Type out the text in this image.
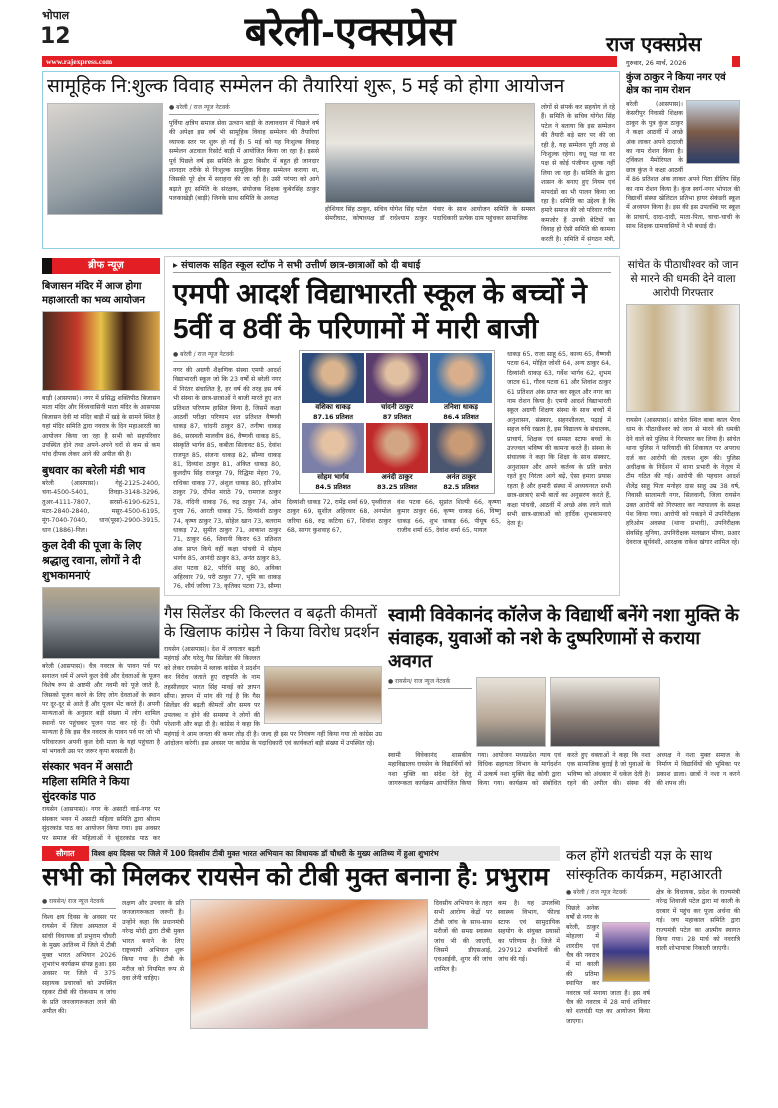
भोपाल
12	बरेली-एक्सप्रेस	राज एक्सप्रेस
www.rajexpress.com	गुरुवार, 26 मार्च, 2026
सामूहिक नि:शुल्क विवाह सम्मेलन की तैयारियां शुरू, 5 मई को होगा आयोजन
● बरेली / राज न्यूज नेटवर्क
पुर्विया क्षत्रिय समाज सेवा उत्थान बाड़ी के तत्वावधान में पिछले वर्ष की अपेक्षा इस वर्ष भी सामूहिक विवाह सम्मेलन की तैयारियां व्यापक स्तर पर शुरू हो गई हैं। 5 मई को यह निःशुल्क विवाह सम्मेलन अटवाल रिसोर्ट बाड़ी में आयोजित किया जा रहा है। इससे पूर्व पिछले वर्ष इस समिति के द्वारा बिसौर में बहुत ही जानदार शानदार तरीके से निःशुल्क सामूहिक विवाह सम्मेलन कराया था, जिसकी पूरे क्षेत्र में सराहना की जा रही है। उसी परंपरा को आगे बढ़ाते हुए समिति के संरक्षक, संयोजक शिक्षक कुबेरसिंह ठाकुर पलकाखेड़ी (बाड़ी) जिनके साथ समिति के अध्यक्ष
होशियार सिंह ठाकुर, सचिव योगेश सिंह पटेल सेमरीघाट, कोषाध्यक्ष डॉ राधेश्याम ठाकुर पंवार के साथ आयोजन समिति के समस्त पदाधिकारी प्रत्येक ग्राम पहुंचकर सामाजिक
लोगों से संपर्क कर सहयोग ले रहे हैं। समिति के सचिव योगेश सिंह पटेल ने बताया कि इस सम्मेलन की तैयारी बड़े स्तर पर की जा रही है, यह सम्मेलन पूरी तरह से निःशुल्क रहेगा। वधू पक्ष या वर पक्ष से कोई पंजीयन शुल्क नहीं लिया जा रहा है। समिति के द्वारा शासन के बनाए हुए नियम एवं मापदंडों का भी पालन किया जा रहा है। समिति का उद्देश्य है कि हमारे समाज की जो परिवार गरीब कमजोर हैं उनकी बेटियों का विवाह हो ऐसी समिति की कामना करती है। समिति में संगठन मंत्री,
कुंज ठाकुर ने किया नगर एवं क्षेत्र का नाम रोशन
बरेली (आसपास)। केसरीपुर निवासी शिक्षक ठाकुर के पुत्र कुंज ठाकुर ने कक्षा आठवीं में अच्छे अंक लाकर अपने दादाजी का नाम रोशन किया है। ट्विंकल मैमोरियल के छात्र कुंज ने कक्षा आठवीं में 86 प्रतिशत अंक लाकर अपने पिता डीलिप सिंह का नाम रोशन किया है। कुंज स्वर्ग-नगर भोपाल की विद्यार्थी संस्था खेलिटल प्रतिभा हायर सेकंडरी स्कूल में अध्ययन किया है। इस की इस उपलब्धि पर स्कूल के प्राचार्य, दादा-दादी, माता-पिता, चाचा-चाची के साथ शिक्षक ग्रामवासियों ने भी बधाई दी।
ब्रीफ न्यूज़
बिजासन मंदिर में आज होगा महाआरती का भव्य आयोजन
बाड़ी (आसपास)। नगर में प्रसिद्ध शक्तिपीठ बिजासन माता मंदिर और विंध्यवासिनी माता मंदिर के आसपास बिजासन देवी मां मंदिर बाड़ी में खड़े के सामने स्थित है यहां मंदिर समिति द्वारा नवरात्र के दिन महाआरती का आयोजन किया जा रहा है सभी को सहपरिवार उपस्थित होने तथा अपने-अपने घरों से कम से कम पांच दीपक लेकर आने की अपील की है।
बुधवार का बरेली मंडी भाव
बरेली (आसपास)। गेहूं-2125-2400, चना-4500-5401, तिवड़ा-3148-3296, तुअर-4111-7807, सरसों-6190-6251, मटर-2840-2840, मसूर-4500-6195, मूंग-7040-7040, धान(पूसा)-2900-3915, धान (1886)-निल।
कुल देवी की पूजा के लिए श्रद्धालु रवाना, लोगों ने दी शुभकामनाएं
बरेली (आसपास)। चैत्र नवरात्र के पावन पर्व पर सनातन धर्म में अपने कुल देवी और देवताओं के पूजन विशेष रूप से अष्टमी और नवमी को पूजे जाते है, जिसको पूजन करने के लिए लोग देवताओं के स्थान पर दूर-दूर से आते हैं और पूजन भेंट करते हैं। अपनी मान्यताओं के अनुसार बड़ी संख्या में लोग शामिल स्थानों पर पहुंचकर पूजन पाठ कर रहे हैं। ऐसी मान्यता है कि इस चैत्र नवरात्र के पावन पर्व पर जो भी परिवारजन अपनी कुल देवी माता के यहां पहुंचता है मां भगवती उस पर जरूर कृपा बरसाती है।
संस्कार भवन में असाटी महिला समिति ने किया सुंदरकांड पाठ
रायसेन (आसपास)। नगर के असाटी वार्ड-नगर पर संस्कार भवन में असाटी महिला समिति द्वारा श्रीराम सुंदरकांड पाठ का आयोजन किया गया। इस अवसर पर समाज की महिलाओं ने सुंदरकांड पाठ कर
▸ संचालक सहित स्कूल स्टॉफ ने सभी उत्तीर्ण छात्र-छात्राओं को दी बधाई
एमपी आदर्श विद्याभारती स्कूल के बच्चों ने 5वीं व 8वीं के परिणामों में मारी बाजी
● बरेली / राज न्यूज नेटवर्क
नगर की अग्रणी शैक्षणिक संस्था एमपी आदर्श विद्याभारती स्कूल जो कि 23 वर्षों से बरेली नगर में निरंतर संचालित है, हर वर्ष की तरह इस वर्ष भी संस्था के छात्र-छात्राओं ने बाजी मारते हुए शत प्रतिशत परिणाम हासिल किया है, जिसमें कक्षा आठवीं परीक्षा परिणाम शत प्रतिशत वैष्णवी धाकड़ 87, चांदनी ठाकुर 87, तनीषा धाकड़ 86, सरस्वती मालवीय 86, वैष्णवी धाकड़ 85, संस्कृति भार्गव 85, कबीता सिलावट 85, देवांश राजपूत 85, संजना धाकड़ 82, सौम्या धाकड़ 81, दिव्यांश ठाकुर 81, अंकित धाकड़ 80, कुलदीप सिंह राजपूत 79, रिद्धिमा मेहरा 79, राधिका धाकड़ 77, अंशुल धाकड़ 80, हरिओम ठाकुर 79, दीपेश मराठे 79, रामराज ठाकुर 78, नंदिनी धाकड़ 76, रुद्र ठाकुर 74, ओम गुप्ता 76, आरती धाकड़ 75, दिव्यांशी ठाकुर 74, कृष्ण ठाकुर 73, सोहेल खान 73, बलराम धाकड़ 72, सुमीत ठाकुर 71, आकाश ठाकुर 71, ठाकुर 66, शिवानी किरार 63 प्रतिशत अंक प्राप्त किये वहीं कक्षा पांचवी में सोहम भार्गव 85, आनंदी ठाकुर 83, अनंत ठाकुर 83, अंश पटवा 82, परिधि साहू 80, अविका अहिरवार 79, परी ठाकुर 77, भूमि का धाकड़ 76, शौर्य जरिया 73, कृतिका पटवा 73, सौम्या
वशिका धाकड़
87.16 प्रतिशत
चांदनी ठाकुर
87 प्रतिशत
तनिशा धाकड़
86.4 प्रतिशत
सोहम भार्गव
84.5 प्रतिशत
अनंदी ठाकुर
83.25 प्रतिशत
अनंत ठाकुर
82.5 प्रतिशत
दिव्यांशी धाकड़ 72, रामेंद्र शर्मा 69, पृथ्वीराज ठाकुर 69, सुशील अहिरवार 68, अनमोल जरिया 68, रुद्र कटिया 67, शिवांश ठाकुर 68, सागर कुशवाह 67,
वंश पटवा 66, सुप्रांत शिल्पी 66, कृष्णा कुमार ठाकुर 66, कृष्ण धाकड़ 66, विष्णु धाकड़ 66, शुभ धाकड़ 66, पीयूष 65, राजीव शर्मा 65, देवांश शर्मा 65, पायल
धाकड़ 65, राजा साहू 65, काव्य 65, वैष्णवी पटवा 64, मोहित जोशी 64, अन्य ठाकुर 64, दिव्यांशी धाकड़ 63, गर्वेश भार्गव 62, शुभम जाटव 61, गौरव पटवा 61 और शिवांश ठाकुर 61 प्रतिशत अंक प्राप्त कर स्कूल और नगर का नाम रोशन किया है। एमपी आदर्श विद्याभारती स्कूल अग्रणी शिक्षण संस्था के साथ बच्चों में अनुशासन, संस्कार, सहनशीलता, पढ़ाई में सहज रुचि रखता है, इस विद्यालय के संचालक, प्राचार्य, शिक्षक एवं समस्त स्टाफ बच्चों के उज्ज्वल भविष्य की कामना करते हैं। संस्था के संचालक ने कहा कि शिक्षा के साथ संस्कार, अनुशासन और अपने कर्तव्य के प्रति सचेत रहते हुए निरंतर आगे बढ़ें, ऐसा हमारा प्रयास रहता है और हमारी संस्था में अध्ययनरत सभी छात्र-छात्राएं सभी बातों का अनुसरण करते हैं, कक्षा पांचवी, आठवीं में अच्छे अंक लाने वाले सभी छात्र-छात्राओं को हार्दिक शुभकामनाएं देता हूं।
सांचेत के पीठाधीश्वर को जान से मारने की धमकी देने वाला आरोपी गिरफ्तार
रायसेन (आसपास)। सांचेत स्थित बाबा काल भैरव धाम के पीठाधीश्वर को जान से मारने की धमकी देने वाले को पुलिस ने गिरफ्तार कर लिया है। सांचेत थाना पुलिस ने फरियादी की शिकायत पर अपराध दर्ज कर आरोपी की तलाश शुरू की। पुलिस अधीक्षक के निर्देशन में थाना प्रभारी के नेतृत्व में टीम गठित की गई। आरोपी की पहचान आदर्श शैलेंद्र साहू पिता मनोहर दास साहू उम्र 38 वर्ष, निवासी सालामती नगर, सिलवानी, जिला रायसेन उक्त आरोपी को गिरफ्तार कर न्यायालय के समक्ष पेश किया गया। आरोपी को पकड़ने में उपनिरीक्षक हरिओम अवस्था (थाना प्रभारी), उपनिरीक्षक सेवसिंह मुनिया, उपनिरीक्षक मलखान मीणा, प्रआर देवराज सूर्यवंशी, आरक्षक राकेश खंगार शामिल रहे।
गैस सिलेंडर की किल्लत व बढ़ती कीमतों के खिलाफ कांग्रेस ने किया विरोध प्रदर्शन
रायसेन (आसपास)। देश में लगातार बढ़ती महंगाई और घरेलू गैस सिलेंडर की किल्लत को लेकर रायसेन में ब्लाक कांग्रेस ने प्रदर्शन कर विरोध जताते हुए राष्ट्रपति के नाम तहसीलदार भारत सिंह मावई को ज्ञापन सौंपा। ज्ञापन में मांग की गई है कि गैस सिलेंडर की बढ़ती कीमतों और समय पर उपलब्ध न होने की समस्या ने लोगों की परेशानी और बढ़ा दी है। कांग्रेस ने कहा कि महंगाई ने आम जनता की कमर तोड़ दी है। जल्द ही इस पर नियंत्रण नहीं किया गया तो कांग्रेस उग्र आंदोलन करेगी। इस अवसर पर कांग्रेस के पदाधिकारी एवं कार्यकर्ता बड़ी संख्या में उपस्थित रहे।
स्वामी विवेकानंद कॉलेज के विद्यार्थी बनेंगे नशा मुक्ति के संवाहक, युवाओं को नशे के दुष्परिणामों से कराया अवगत
● रायसेन/ राज न्यूज नेटवर्क
स्वामी विवेकानंद शासकीय महाविद्यालय रायसेन के विद्यार्थियों को नशा मुक्ति का संदेश देते हेतु जागरूकता कार्यक्रम आयोजित किया गया। आयोजन मध्यप्रदेश न्याय एवं विधिक सहायता विभाग के मार्गदर्शन में उत्कर्ष नशा मुक्ति केंद्र कोयी द्वारा किया गया। कार्यक्रम को संबोधित करते हुए वक्ताओं ने कहा कि नशा एक सामाजिक बुराई है जो युवाओं के भविष्य को अंधकार में धकेल देती है। रहने की अपील की। संस्था की अध्यक्ष ने नशा मुक्त समाज के निर्माण में विद्यार्थियों की भूमिका पर प्रकाश डाला। छात्रों ने नशा न करने की शपथ ली।
सौगात	विश्व क्षय दिवस पर जिले में 100 दिवसीय टीबी मुक्त भारत अभियान का विधायक डॉ चौधरी के मुख्य आतिथ्य में हुआ शुभारंभ
सभी को मिलकर रायसेन को टीबी मुक्त बनाना है: प्रभुराम
● रायसेन/ राज न्यूज नेटवर्क
विश्व क्षय दिवस के अवसर पर रायसेन में जिला अस्पताल में सांची विधायक डॉ प्रभुराम चौधरी के मुख्य आतिथ्य में जिले में टीबी मुक्त भारत अभियान 2026 शुभारंभ कार्यक्रम संपन्न हुआ। इस अवसर पर जिले में 375 सहायक प्रचारकों को उपस्थित रहकर टीबी की रोकथाम व जांच के प्रति जनजागरूकता लाने की अपील की।
लक्षण और उपचार के प्रति जनजागरूकता जरूरी है। उन्होंने कहा कि प्रधानमंत्री नरेन्द्र मोदी द्वारा टीबी मुक्त भारत बनाने के लिए राष्ट्रव्यापी अभियान शुरू किया गया है। टीबी के मरीज को नियमित रूप से दवा लेनी चाहिए।
दिवसीय अभियान के तहत सभी आरोग्य केंद्रों पर टीबी जांच के साथ-साथ मरीजों की समग्र स्वास्थ्य जांच भी की जाएगी, जिसमें डीएसआई, एचआईवी, शुगर की जांच शामिल है।
कम है। यह उपलब्धि स्वास्थ्य विभाग, फील्ड स्टाफ एवं सामुदायिक सहयोग के संयुक्त प्रयासों का परिणाम है। जिले में 297912 संभावितों की जांच की गई।
कल होंगे शतचंडी यज्ञ के साथ सांस्कृतिक कार्यक्रम, महाआरती
● बरेली / राज न्यूज नेटवर्क
पिछले अनेक वर्षों से नगर के बरेली, ठाकुर मोहल्ला में शारदीय एवं चैत्र की नवरात्र में मां काली की प्रतिमा स्थापित कर नवरात्र पर्व मनाया जाता है। इस वर्ष चैत्र की नवरात्र में 28 मार्च शनिवार को शतचंडी यज्ञ का आयोजन किया जाएगा।
क्षेत्र के विधायक, प्रदेश के राज्यमंत्री नरेन्द्र शिवाजी पटेल द्वारा मां काली के दरबार में पहुंच कर पूजा अर्चना की गई। जय महाकाल समिति द्वारा राज्यमंत्री पटेल का आत्मीय स्वागत किया गया। 28 मार्च को नवरात्रि वाली शोभायात्रा निकाली जाएगी।
